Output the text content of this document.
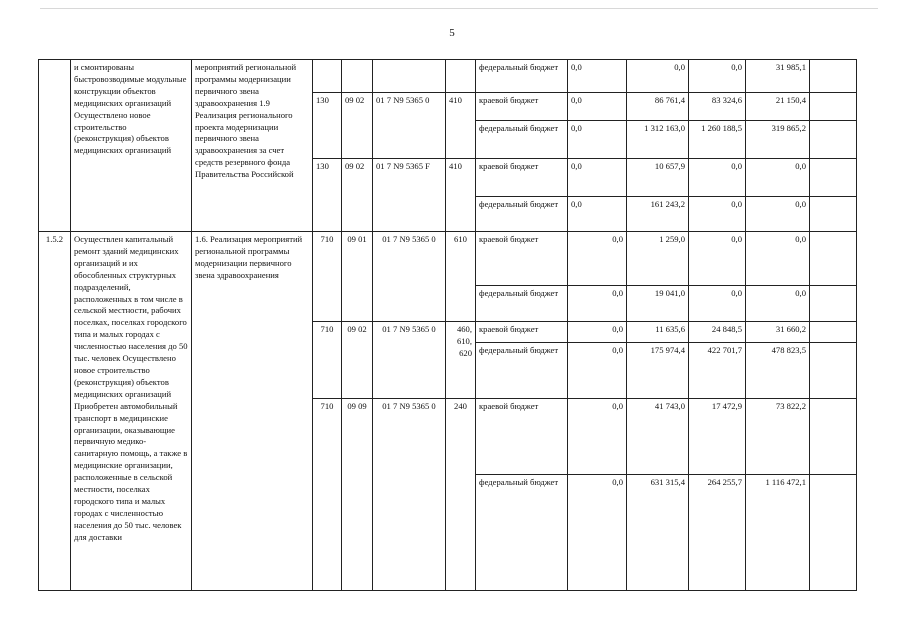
5
	и смонтированы быстровозводимые модульные конструкции объектов медицинских организаций Осуществлено новое строительство (реконструкция) объектов медицинских организаций	мероприятий региональной программы модернизации первичного звена здравоохранения 1.9 Реализация регионального проекта модернизации первичного звена здравоохранения за счет средств резервного фонда Правительства Российской					федеральный бюджет	0,0	0,0	0,0	31 985,1	
			130	09 02	01 7 N9 5365 0	410	краевой бюджет	0,0	86 761,4	83 324,6	21 150,4	
							федеральный бюджет	0,0	1 312 163,0	1 260 188,5	319 865,2	
			130	09 02	01 7 N9 5365 F	410	краевой бюджет	0,0	10 657,9	0,0	0,0	
							федеральный бюджет	0,0	161 243,2	0,0	0,0	
1.5.2	Осуществлен капитальный ремонт зданий медицинских организаций и их обособленных структурных подразделений, расположенных в том числе в сельской местности, рабочих поселках, поселках городского типа и малых городах с численностью населения до 50 тыс. человек Осуществлено новое строительство (реконструкция) объектов медицинских организаций Приобретен автомобильный транспорт в медицинские организации, оказывающие первичную медико-санитарную помощь, а также в медицинские организации, расположенные в сельской местности, поселках городского типа и малых городах с численностью населения до 50 тыс. человек для доставки	1.6. Реализация мероприятий региональной программы модернизации первичного звена здравоохранения	710	09 01	01 7 N9 5365 0	610	краевой бюджет	0,0	1 259,0	0,0	0,0	
							федеральный бюджет	0,0	19 041,0	0,0	0,0	
			710	09 02	01 7 N9 5365 0	460, 610, 620	краевой бюджет	0,0	11 635,6	24 848,5	31 660,2	
							федеральный бюджет	0,0	175 974,4	422 701,7	478 823,5	
			710	09 09	01 7 N9 5365 0	240	краевой бюджет	0,0	41 743,0	17 472,9	73 822,2	
							федеральный бюджет	0,0	631 315,4	264 255,7	1 116 472,1	
